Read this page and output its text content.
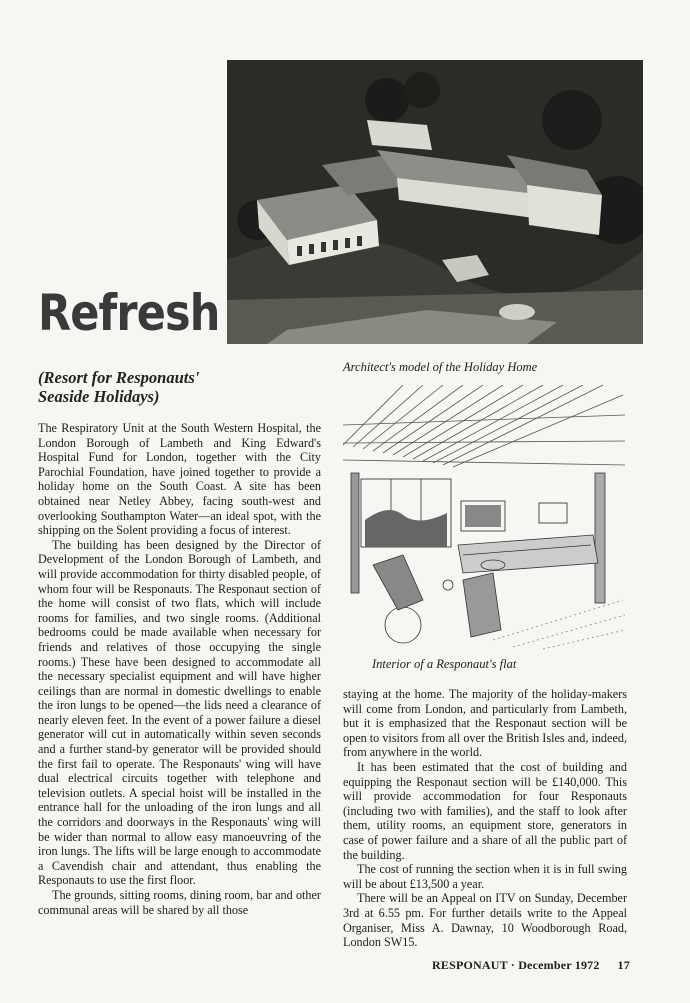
Refresh
(Resort for Responauts' Seaside Holidays)
Architect's model of the Holiday Home
Interior of a Responaut's flat

The Respiratory Unit at the South Western Hospital, the London Borough of Lambeth and King Edward's Hospital Fund for London, together with the City Parochial Foundation, have joined together to provide a holiday home on the South Coast. A site has been obtained near Netley Abbey, facing south-west and overlooking Southampton Water—an ideal spot, with the shipping on the Solent providing a focus of interest.

The building has been designed by the Director of Development of the London Borough of Lambeth, and will provide accommodation for thirty disabled people, of whom four will be Responauts. The Responaut section of the home will consist of two flats, which will include rooms for families, and two single rooms. (Additional bedrooms could be made available when necessary for friends and relatives of those occupying the single rooms.) These have been designed to accommodate all the necessary specialist equipment and will have higher ceilings than are normal in domestic dwellings to enable the iron lungs to be opened—the lids need a clearance of nearly eleven feet. In the event of a power failure a diesel generator will cut in automatically within seven seconds and a further stand-by generator will be provided should the first fail to operate. The Responauts' wing will have dual electrical circuits together with telephone and television outlets. A special hoist will be installed in the entrance hall for the unloading of the iron lungs and all the corridors and doorways in the Responauts' wing will be wider than normal to allow easy manoeuvring of the iron lungs. The lifts will be large enough to accommodate a Cavendish chair and attendant, thus enabling the Responauts to use the first floor.

The grounds, sitting rooms, dining room, bar and other communal areas will be shared by all those

staying at the home. The majority of the holiday-makers will come from London, and particularly from Lambeth, but it is emphasized that the Responaut section will be open to visitors from all over the British Isles and, indeed, from anywhere in the world.

It has been estimated that the cost of building and equipping the Responaut section will be £140,000. This will provide accommodation for four Responauts (including two with families), and the staff to look after them, utility rooms, an equipment store, generators in case of power failure and a share of all the public part of the building.

The cost of running the section when it is in full swing will be about £13,500 a year.

There will be an Appeal on ITV on Sunday, December 3rd at 6.55 pm. For further details write to the Appeal Organiser, Miss A. Dawnay, 10 Woodborough Road, London SW15.

RESPONAUT · December 1972 17
